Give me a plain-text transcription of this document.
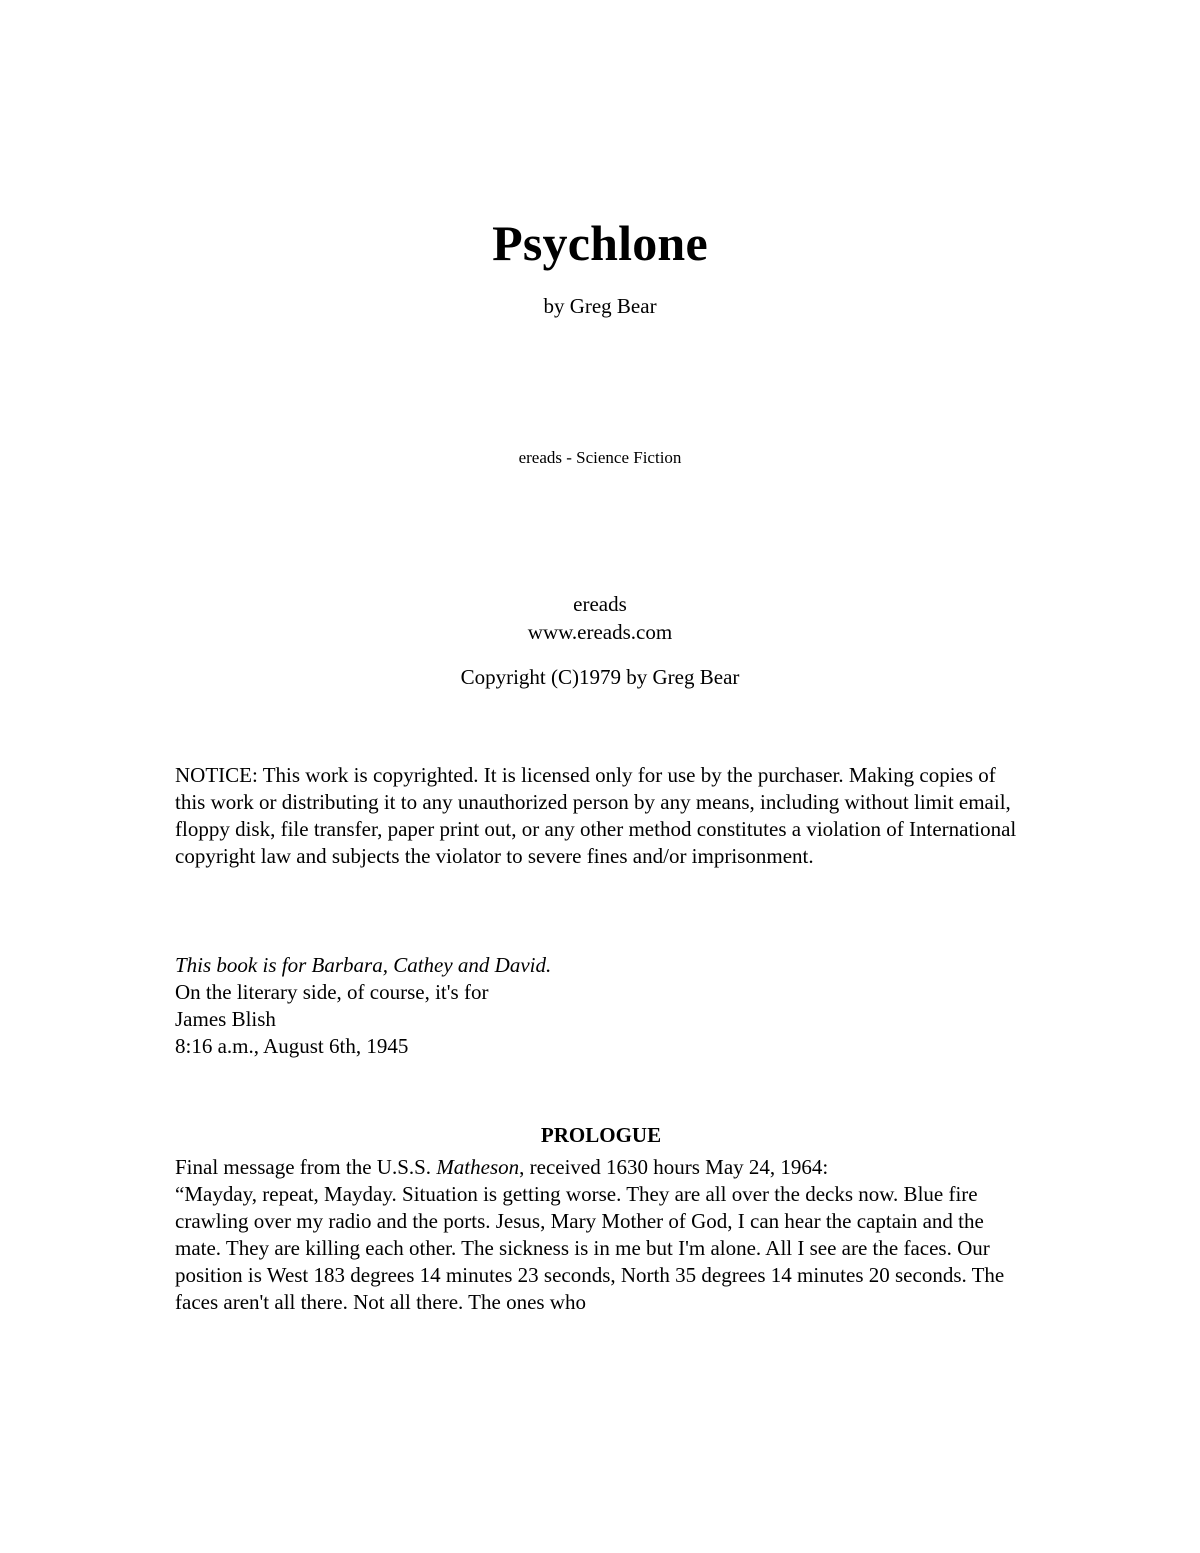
Psychlone
by Greg Bear
ereads - Science Fiction
ereads
www.ereads.com
Copyright (C)1979 by Greg Bear

NOTICE: This work is copyrighted. It is licensed only for use by the purchaser. Making copies of this work or distributing it to any unauthorized person by any means, including without limit email, floppy disk, file transfer, paper print out, or any other method constitutes a violation of International copyright law and subjects the violator to severe fines and/or imprisonment.

This book is for Barbara, Cathey and David.

On the literary side, of course, it's for

James Blish

8:16 a.m., August 6th, 1945

PROLOGUE

Final message from the U.S.S. Matheson, received 1630 hours May 24, 1964:

“Mayday, repeat, Mayday. Situation is getting worse. They are all over the decks now. Blue fire crawling over my radio and the ports. Jesus, Mary Mother of God, I can hear the captain and the mate. They are killing each other. The sickness is in me but I'm alone. All I see are the faces. Our position is West 183 degrees 14 minutes 23 seconds, North 35 degrees 14 minutes 20 seconds. The faces aren't all there. Not all there. The ones who
